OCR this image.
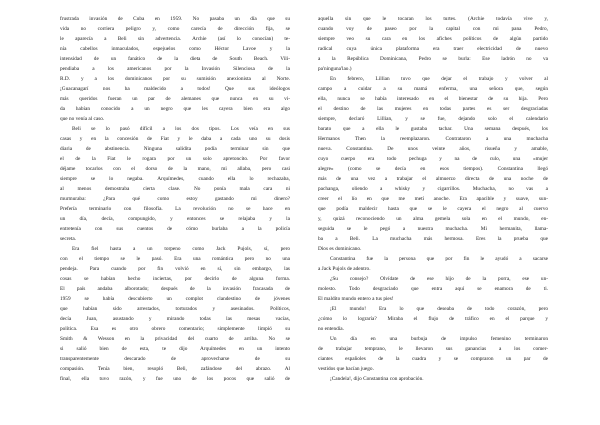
frustrada invasión de Cuba en 1959. No pasaba un día que su
vida no corriera peligro y, como carecía de dirección fija, se
le aparecía a Beli sin advertencia. Archie (así lo conocían) te-
nía cabellos inmaculados, espejuelos como Héctor Lavoe y la
intensidad de un fanático de la dieta de South Beach. Vili-
pendiaba a los americanos por la Invasión Silenciosa de la
R.D. y a los dominicanos por su sumisión anexionista al Norte.
¡Guacanagarí nos ha maldecido a todos! Que sus ideólogos
más queridos fueran un par de alemanes que nunca en su vi-
da habían conocido a un negro que les cayera bien era algo
que no venía al caso.
Beli se lo pasó difícil a los dos tipos. Los veía en sus
casas y en la concesión de Fiat y le daba a cada uno su dosis
diaria de abstinencia. Ninguna salidita podía terminar sin que
el de la Fiat le rogara por un solo apretoncito. Por favor
déjame tocarlos con el dorso de la mano, mi allaba, pero casi
siempre se lo negaba. Arquímedes, cuando ella lo rechazaba,
al menos demostraba cierta clase. No ponía mala cara ni
murmuraba: ¿Para qué como estoy gastando mi dinero?
Prefería terminarlo con filosofía. La revolución no se hace en
un día, decía, compungido, y entonces se relajaba y la
entretenía con sus cuentos de cómo burlaba a la policía
secreta.
Era fiel hasta a un torpeno como Jack Pujols, sí, pero
con el tiempo se le pasó. Era una romántica pero no una
pendeja. Para cuando por fin volvió en sí, sin embargo, las
cosas se habían hecho inciertas, por decirlo de alguna forma.
El país andaba alborotado; después de la invasión fracasada de
1959 se había descubierto un complot clandestino de jóvenes
que habían sido arrestados, torturados y asesinados. Políticos,
decía Juan, asustando y mirando todas las mesas vacías,
política. Esa es otro obrero comentario; simplemente limpió su
Smith & Wesson en la privacidad del cuarto de arriba. No se
si salió bien de esta, te dijo Arquímedes en un intento
transparentemente descarado de aprovecharse de su
compasión. Tenía bien, resopló Beli, zafándose del abrazo. Al
final, ella tuvo razón, y fue uno de los pocos que salió de
aquella sin que le tocaran los turtes. (Archie todavía vive y,
cuando voy de paseo por la capital con mi pana Pedro,
siempre veo su cara en los afiches políticos de algún partido
radical cuya única plataforma era traer electricidad de nuevo
a la República Dominicana, Pedro se burla: Ese ladrón no va
pa'ninguna'lao.)
En febrero, Lillian tuvo que dejar el trabajo y volver al
campo a cuidar a su mamá enferma, una señora que, según
ella, nunca se había interesado en el bienestar de su hija. Pero
el destino de las mujeres en todas partes es ser desgraciadas
siempre, declaró Lillian, y se fue, dejando solo el calendario
barato que a ella le gustaba tachar. Una semana después, los
Hermanos Then la reemplazaron. Contrataron a una muchacha
nueva. Constantina. De unos veinte años, risueña y amable,
cuyo cuerpo era todo pechuga y na de culo, una «mujer
alegre» (como se decía en esos tiempos). Constantina llegó
más de una vez a trabajar el almuerzo directa de una noche de
pachanga, oliendo a whisky y cigarrillos. Muchacha, no vas a
creer el lío en que me metí anoche. Era apacible y suave, sun-
que podía maldecir hasta que se le cayera el negro al cuervo
y, quizá reconociendo un alma gemela sola en el mundo, en-
seguida se le pegó a nuestra muchacha. Mi hermanita, llama-
ba a Beli. La muchacha más hermosa. Eres la prueba que
Dios es dominicano.
Constantina fue la persona que por fin le ayudó a sacarse
a Jack Pujols de adentro.
¿Su consejo? Olvídate de ese hijo de la porra, ese un-
molesto. Todo desgraciado que entra aquí se enamora de ti.
El maldito mundo entero a tus pies!
¡El mundo! Era lo que deseaba de todo corazón, pero
¿cómo lo lograría? Miraba el flujo de tráfico en el parque y
no entendía.
Un día en una burbuja de impulso femenino terminaron
de trabajar temprano, le llevaron sus ganancias a los comer-
ciantes españoles de la cuadra y se compraron un par de
vestidos que hacían juego.
¡Candela!, dijo Constantina con aprobación.
